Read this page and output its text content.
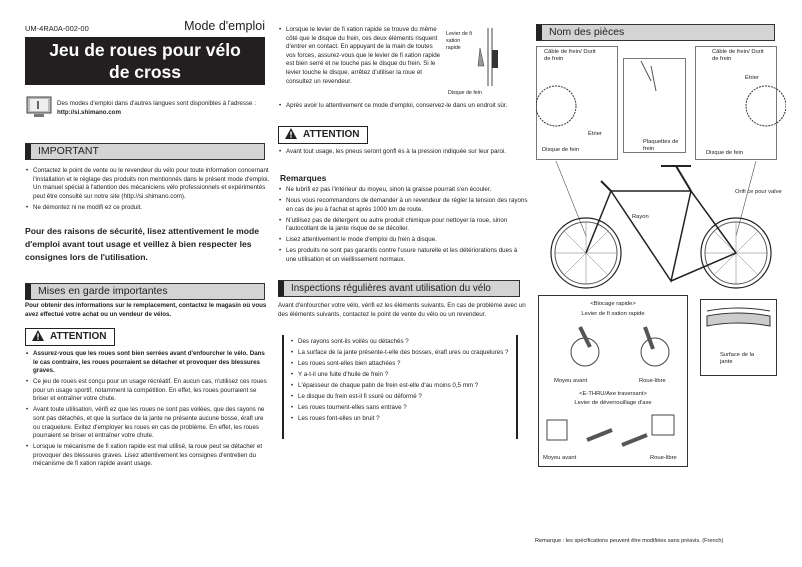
UM-4RA0A-002-00	Mode d'emploi
Jeu de roues pour vélo
de cross
Des modes d'emploi dans d'autres langues sont disponibles à l'adresse : http://si.shimano.com
IMPORTANT
• Contactez le point de vente ou le revendeur du vélo pour toute information concernant l'installation et le réglage des produits non mentionnés dans le présent mode d'emploi. Un manuel spécial à l'attention des mécaniciens vélo professionnels et expérimentés peut être consulté sur notre site (http://si.shimano.com).
• Ne démontez ni ne modifi ez ce produit.
Pour des raisons de sécurité, lisez attentivement le mode d'emploi avant tout usage et veillez à bien respecter les consignes lors de l'utilisation.
Mises en garde importantes
Pour obtenir des informations sur le remplacement, contactez le magasin où vous avez effectué votre achat ou un vendeur de vélos.
ATTENTION
• Assurez-vous que les roues sont bien serrées avant d'enfourcher le vélo. Dans le cas contraire, les roues pourraient se détacher et provoquer des blessures graves.
• Ce jeu de roues est conçu pour un usage récréatif. En aucun cas, n'utilisez ces roues pour un usage sportif, notamment la compétition. En effet, les roues pourraient se briser et entraîner votre chute.
• Avant toute utilisation, vérifi ez que les roues ne sont pas voilées, que des rayons ne sont pas détachés, et que la surface de la jante ne présente aucune bosse, érafl ure ou craquelure. Evitez d'employer les roues en cas de problème. En effet, les roues pourraient se briser et entraîner votre chute.
• Lorsque le mécanisme de fi xation rapide est mal utilisé, la roue peut se détacher et provoquer des blessures graves. Lisez attentivement les consignes d'entretien du mécanisme de fi xation rapide avant usage.
• Lorsque le levier de fi xation rapide se trouve du même côté que le disque du frein, ces deux éléments risquent d'entrer en contact. En appuyant de la main de toutes vos forces, assurez-vous que le levier de fi xation rapide est bien serré et ne touche pas le disque du frein. Si le levier touche le disque, arrêtez d'utiliser la roue et consultez un revendeur.
Levier de fi xation rapide
Disque de fein
• Après avoir lu attentivement ce mode d'emploi, conservez-le dans un endroit sûr.
ATTENTION
• Avant tout usage, les pneus seront gonfl és à la pression indiquée sur leur paroi.
Remarques
• Ne lubrifi ez pas l'intérieur du moyeu, sinon la graisse pourrait s'en écouler.
• Nous vous recommandons de demander à un revendeur de régler la tension des rayons en cas de jeu à l'achat et après 1000 km de route.
• N'utilisez pas de détergent ou autre produit chimique pour nettoyer la roue, sinon l'autocollant de la jante risque de se décoller.
• Lisez attentivement le mode d'emploi du frein à disque.
• Les produits ne sont pas garantis contre l'usure naturelle et les détériorations dues à une utilisation et un vieillissement normaux.
Inspections régulières avant utilisation du vélo
Avant d'enfourcher votre vélo, vérifi ez les éléments suivants. En cas de problème avec un des éléments suivants, contactez le point de vente du vélo ou un revendeur.
• Des rayons sont-ils voilés ou détachés ?
• La surface de la jante présente-t-elle des bosses, érafl ures ou craquelures ?
• Les roues sont-elles bien attachées ?
• Y a-t-il une fuite d'huile de frein ?
• L'épaisseur de chaque patin de frein est-elle d'au moins 0,5 mm ?
• Le disque du frein est-il fi ssuré ou déformé ?
• Les roues tournent-elles sans entrave ?
• Les roues font-elles un bruit ?
Nom des pièces
Câble de frein/ Durit de frein
Étrier
Disque de fein
Plaquettes de frein
Câble de frein/ Durit de frein
Étrier
Disque de fein
Orifi ce pour valve
Rayon
<Blocage rapide>
Levier de fi xation rapide
Moyeu avant	Roue-libre
<E-THRU/Axe traversant>
Levier de déverrouillage d'axe
Moyeu avant	Roue-libre
Surface de la jante
Remarque : les spécifications peuvent être modifiées sans préavis. (French)
